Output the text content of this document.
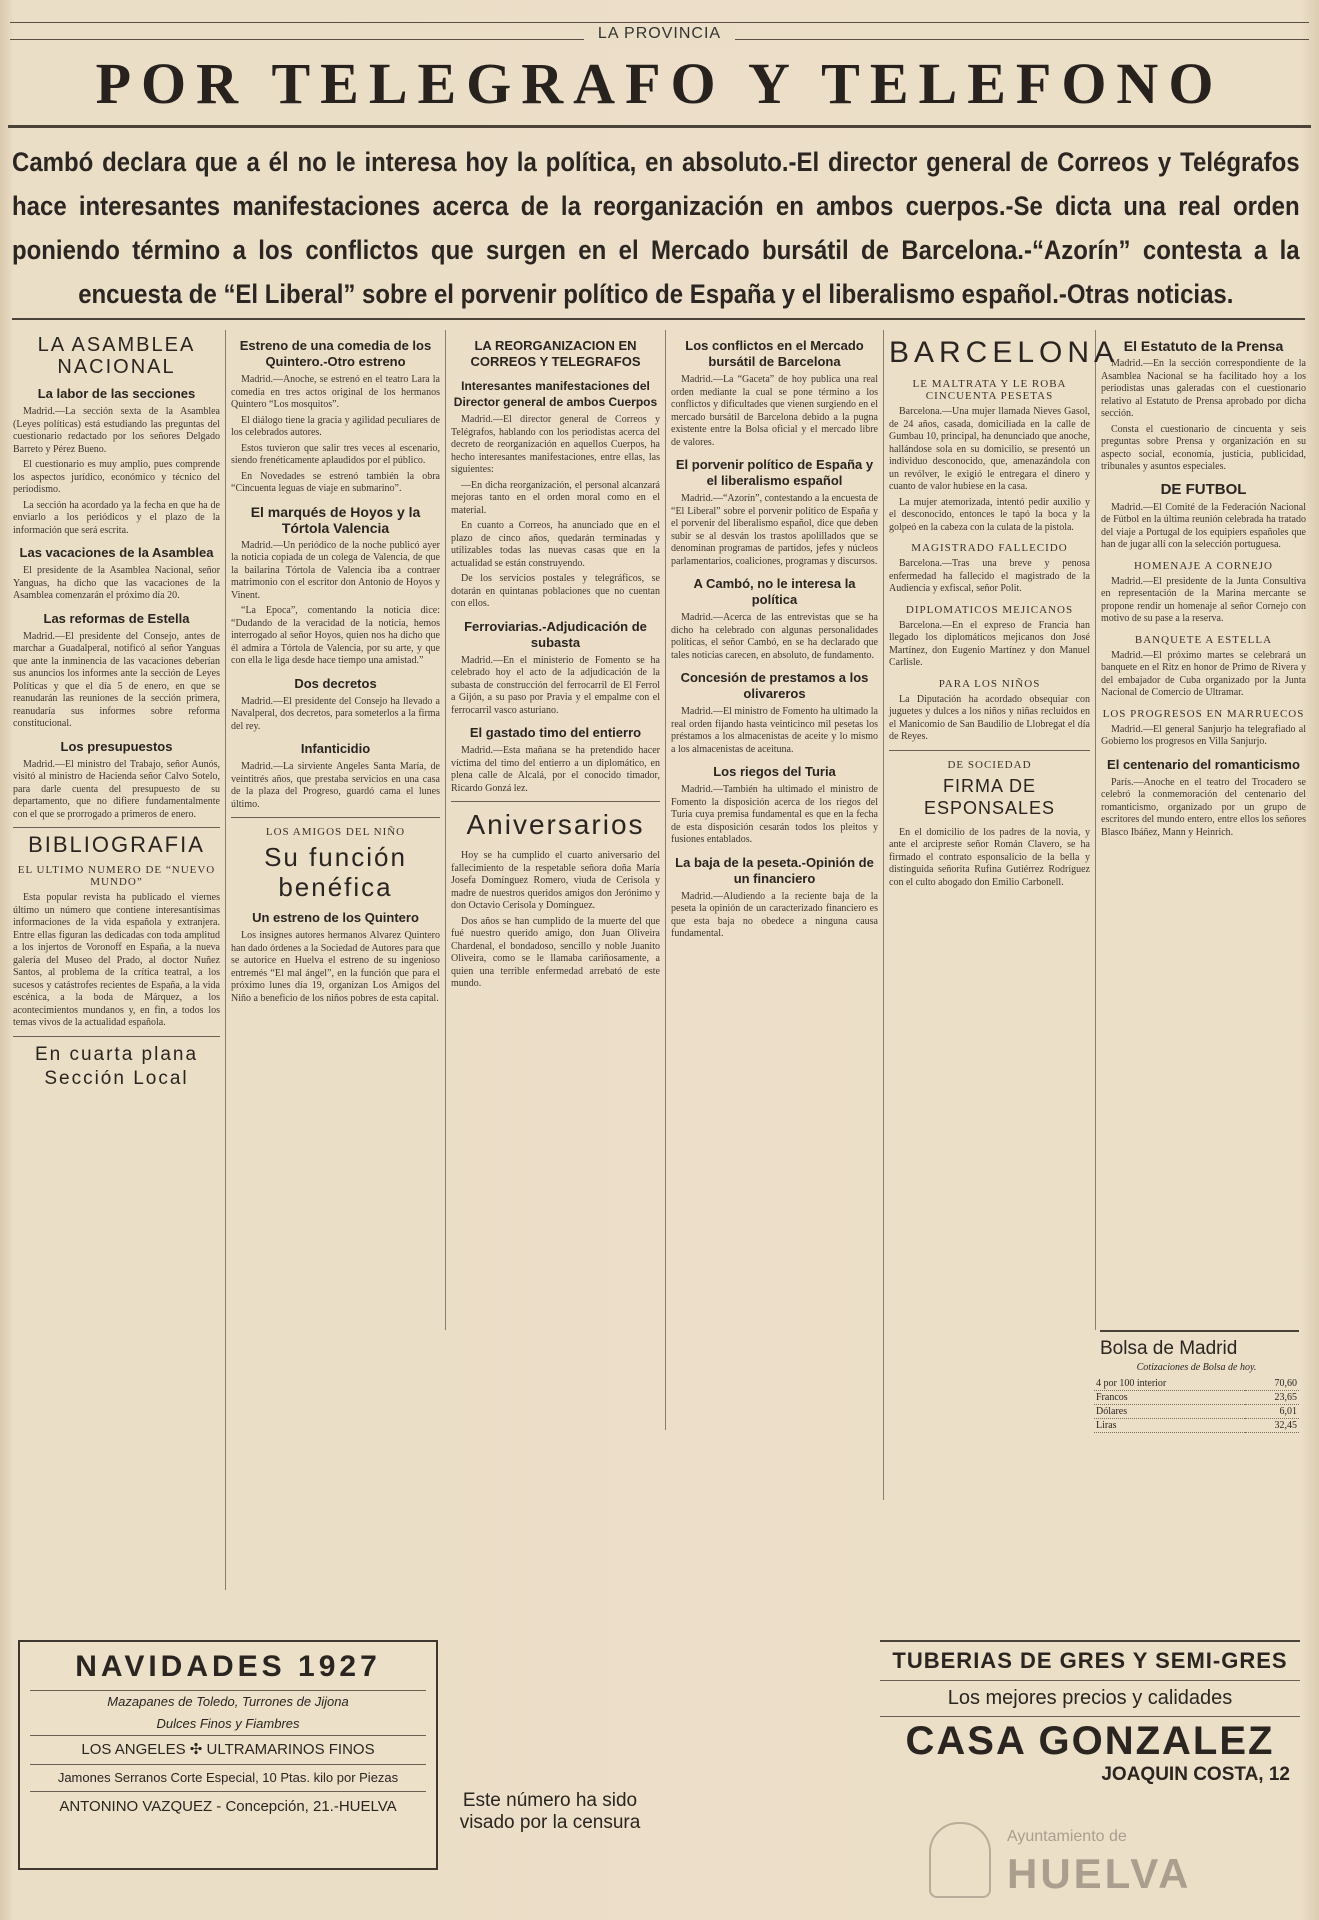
LA PROVINCIA
POR TELEGRAFO Y TELEFONO
Cambó declara que a él no le interesa hoy la política, en absoluto.-El director general de Correos y Telégrafos hace interesantes manifestaciones acerca de la reorganización en ambos cuerpos.-Se dicta una real orden poniendo término a los conflictos que surgen en el Mercado bursátil de Barcelona.-“Azorín” contesta a la encuesta de “El Liberal” sobre el porvenir político de España y el liberalismo español.-Otras noticias.
LA ASAMBLEA NACIONAL
La labor de las secciones

Madrid.—La sección sexta de la Asamblea (Leyes políticas) está estudiando las preguntas del cuestionario redactado por los señores Delgado Barreto y Pérez Bueno.

El cuestionario es muy amplio, pues comprende los aspectos jurídico, económico y técnico del periodismo.

La sección ha acordado ya la fecha en que ha de enviarlo a los periódicos y el plazo de la información que será escrita.

Las vacaciones de la Asamblea

El presidente de la Asamblea Nacional, señor Yanguas, ha dicho que las vacaciones de la Asamblea comenzarán el próximo día 20.

Las reformas de Estella

Madrid.—El presidente del Consejo, antes de marchar a Guadalperal, notificó al señor Yanguas que ante la inminencia de las vacaciones deberían sus anuncios los informes ante la sección de Leyes Políticas y que el día 5 de enero, en que se reanudarán las reuniones de la sección primera, reanudaría sus informes sobre reforma constitucional.

Los presupuestos

Madrid.—El ministro del Trabajo, señor Aunós, visitó al ministro de Hacienda señor Calvo Sotelo, para darle cuenta del presupuesto de su departamento, que no difiere fundamentalmente con el que se prorrogado a primeros de enero.

BIBLIOGRAFIA
EL ULTIMO NUMERO DE “NUEVO MUNDO”

Esta popular revista ha publicado el viernes último un número que contiene interesantísimas informaciones de la vida española y extranjera. Entre ellas figuran las dedicadas con toda amplitud a los injertos de Voronoff en España, a la nueva galería del Museo del Prado, al doctor Nuñez Santos, al problema de la crítica teatral, a los sucesos y catástrofes recientes de España, a la vida escénica, a la boda de Márquez, a los acontecimientos mundanos y, en fin, a todos los temas vivos de la actualidad española.

En cuarta plana Sección Local
Estreno de una comedia de los Quintero.-Otro estreno

Madrid.—Anoche, se estrenó en el teatro Lara la comedia en tres actos original de los hermanos Quintero “Los mosquitos”.

El diálogo tiene la gracia y agilidad peculiares de los celebrados autores.

Estos tuvieron que salir tres veces al escenario, siendo frenéticamente aplaudidos por el público.

En Novedades se estrenó también la obra “Cincuenta leguas de viaje en submarino”.

El marqués de Hoyos y la Tórtola Valencia

Madrid.—Un periódico de la noche publicó ayer la noticia copiada de un colega de Valencia, de que la bailarina Tórtola de Valencia iba a contraer matrimonio con el escritor don Antonio de Hoyos y Vinent.

“La Epoca”, comentando la noticia dice: “Dudando de la veracidad de la noticia, hemos interrogado al señor Hoyos, quien nos ha dicho que él admira a Tórtola de Valencia, por su arte, y que con ella le liga desde hace tiempo una amistad.”

Dos decretos

Madrid.—El presidente del Consejo ha llevado a Navalperal, dos decretos, para someterlos a la firma del rey.

Infanticidio

Madrid.—La sirviente Angeles Santa María, de veintitrés años, que prestaba servicios en una casa de la plaza del Progreso, guardó cama el lunes último.

LOS AMIGOS DEL NIÑO
Su función benéfica
Un estreno de los Quintero

Los insignes autores hermanos Alvarez Quintero han dado órdenes a la Sociedad de Autores para que se autorice en Huelva el estreno de su ingenioso entremés “El mal ángel”, en la función que para el próximo lunes día 19, organizan Los Amigos del Niño a beneficio de los niños pobres de esta capital.

LA REORGANIZACION EN CORREOS Y TELEGRAFOS
Interesantes manifestaciones del Director general de ambos Cuerpos

Madrid.—El director general de Correos y Telégrafos, hablando con los periodistas acerca del decreto de reorganización en aquellos Cuerpos, ha hecho interesantes manifestaciones, entre ellas, las siguientes:

—En dicha reorganización, el personal alcanzará mejoras tanto en el orden moral como en el material.

En cuanto a Correos, ha anunciado que en el plazo de cinco años, quedarán terminadas y utilizables todas las nuevas casas que en la actualidad se están construyendo.

De los servicios postales y telegráficos, se dotarán en quintanas poblaciones que no cuentan con ellos.

Ferroviarias.-Adjudicación de subasta

Madrid.—En el ministerio de Fomento se ha celebrado hoy el acto de la adjudicación de la subasta de construcción del ferrocarril de El Ferrol a Gijón, a su paso por Pravia y el empalme con el ferrocarril vasco asturiano.

El gastado timo del entierro

Madrid.—Esta mañana se ha pretendido hacer víctima del timo del entierro a un diplomático, en plena calle de Alcalá, por el conocido timador, Ricardo Gonzá lez.

Aniversarios

Hoy se ha cumplido el cuarto aniversario del fallecimiento de la respetable señora doña María Josefa Domínguez Romero, viuda de Cerisola y madre de nuestros queridos amigos don Jerónimo y don Octavio Cerisola y Domínguez.

Dos años se han cumplido de la muerte del que fué nuestro querido amigo, don Juan Oliveira Chardenal, el bondadoso, sencillo y noble Juanito Oliveira, como se le llamaba cariñosamente, a quien una terrible enfermedad arrebató de este mundo.

Los conflictos en el Mercado bursátil de Barcelona

Madrid.—La “Gaceta” de hoy publica una real orden mediante la cual se pone término a los conflictos y dificultades que vienen surgiendo en el mercado bursátil de Barcelona debido a la pugna existente entre la Bolsa oficial y el mercado libre de valores.

El porvenir político de España y el liberalismo español

Madrid.—“Azorín”, contestando a la encuesta de “El Liberal” sobre el porvenir político de España y el porvenir del liberalismo español, dice que deben subir se al desván los trastos apolillados que se denominan programas de partidos, jefes y núcleos parlamentarios, coaliciones, programas y discursos.

A Cambó, no le interesa la política

Madrid.—Acerca de las entrevistas que se ha dicho ha celebrado con algunas personalidades políticas, el señor Cambó, en se ha declarado que tales noticias carecen, en absoluto, de fundamento.

Concesión de prestamos a los olivareros

Madrid.—El ministro de Fomento ha ultimado la real orden fijando hasta veinticinco mil pesetas los préstamos a los almacenistas de aceite y lo mismo a los almacenistas de aceituna.

Los riegos del Turia

Madrid.—También ha ultimado el ministro de Fomento la disposición acerca de los riegos del Turia cuya premisa fundamental es que en la fecha de esta disposición cesarán todos los pleitos y fusiones entablados.

La baja de la peseta.-Opinión de un financiero

Madrid.—Aludiendo a la reciente baja de la peseta la opinión de un caracterizado financiero es que esta baja no obedece a ninguna causa fundamental.

BARCELONA
LE MALTRATA Y LE ROBA CINCUENTA PESETAS

Barcelona.—Una mujer llamada Nieves Gasol, de 24 años, casada, domiciliada en la calle de Gumbau 10, principal, ha denunciado que anoche, hallándose sola en su domicilio, se presentó un individuo desconocido, que, amenazándola con un revólver, le exigió le entregara el dinero y cuanto de valor hubiese en la casa.

La mujer atemorizada, intentó pedir auxilio y el desconocido, entonces le tapó la boca y la golpeó en la cabeza con la culata de la pistola.

MAGISTRADO FALLECIDO

Barcelona.—Tras una breve y penosa enfermedad ha fallecido el magistrado de la Audiencia y exfiscal, señor Polit.

DIPLOMATICOS MEJICANOS

Barcelona.—En el expreso de Francia han llegado los diplomáticos mejicanos don José Martínez, don Eugenio Martínez y don Manuel Carlisle.

PARA LOS NIÑOS

La Diputación ha acordado obsequiar con juguetes y dulces a los niños y niñas recluidos en el Manicomio de San Baudilio de Llobregat el día de Reyes.

DE SOCIEDAD
FIRMA DE ESPONSALES

En el domicilio de los padres de la novia, y ante el arcipreste señor Román Clavero, se ha firmado el contrato esponsalicio de la bella y distinguida señorita Rufina Gutiérrez Rodríguez con el culto abogado don Emilio Carbonell.

El Estatuto de la Prensa

Madrid.—En la sección correspondiente de la Asamblea Nacional se ha facilitado hoy a los periodistas unas galeradas con el cuestionario relativo al Estatuto de Prensa aprobado por dicha sección.

Consta el cuestionario de cincuenta y seis preguntas sobre Prensa y organización en su aspecto social, economía, justicia, publicidad, tribunales y asuntos especiales.

DE FUTBOL

Madrid.—El Comité de la Federación Nacional de Fútbol en la última reunión celebrada ha tratado del viaje a Portugal de los equipiers españoles que han de jugar allí con la selección portuguesa.

HOMENAJE A CORNEJO

Madrid.—El presidente de la Junta Consultiva en representación de la Marina mercante se propone rendir un homenaje al señor Cornejo con motivo de su pase a la reserva.

BANQUETE A ESTELLA

Madrid.—El próximo martes se celebrará un banquete en el Ritz en honor de Primo de Rivera y del embajador de Cuba organizado por la Junta Nacional de Comercio de Ultramar.

LOS PROGRESOS EN MARRUECOS

Madrid.—El general Sanjurjo ha telegrafiado al Gobierno los progresos en Villa Sanjurjo.

El centenario del romanticismo

París.—Anoche en el teatro del Trocadero se celebró la conmemoración del centenario del romanticismo, organizado por un grupo de escritores del mundo entero, entre ellos los señores Blasco Ibáñez, Mann y Heinrich.

Este número ha sido visado por la censura
Bolsa de Madrid
Cotizaciones de Bolsa de hoy.
4 por 100 interior	70,60
Francos	23,65
Dólares	6,01
Liras	32,45
NAVIDADES 1927
Mazapanes de Toledo, Turrones de Jijona
Dulces Finos y Fiambres
LOS ANGELES ✣ ULTRAMARINOS FINOS
Jamones Serranos Corte Especial, 10 Ptas. kilo por Piezas
ANTONINO VAZQUEZ - Concepción, 21.-HUELVA
TUBERIAS DE GRES Y SEMI-GRES
Los mejores precios y calidades
CASA GONZALEZ
JOAQUIN COSTA, 12
Ayuntamiento de
HUELVA
